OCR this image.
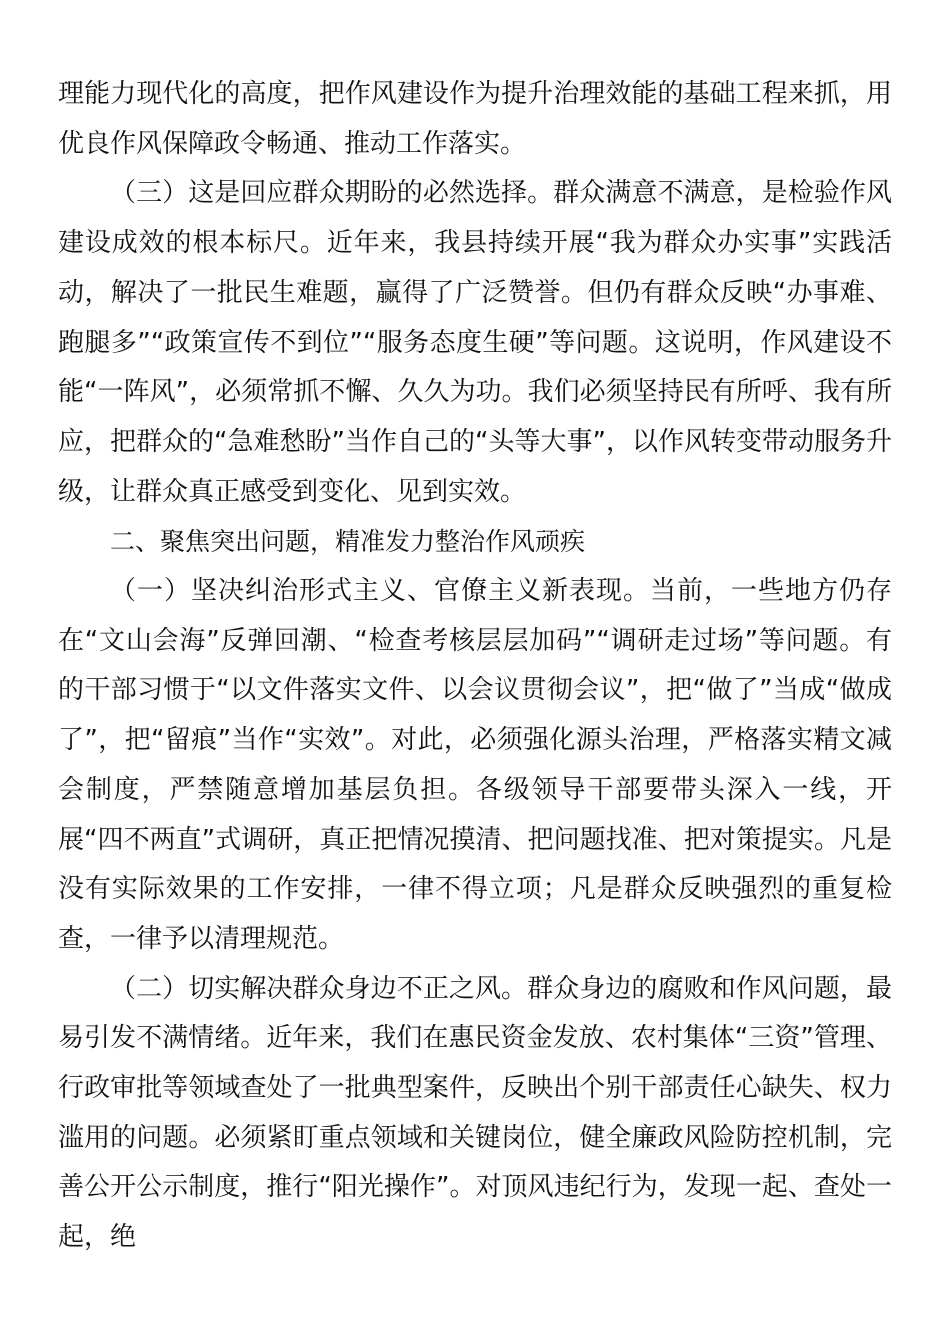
理能力现代化的高度，把作风建设作为提升治理效能的基础工程来抓，用优良作风保障政令畅通、推动工作落实。

（三）这是回应群众期盼的必然选择。群众满意不满意，是检验作风建设成效的根本标尺。近年来，我县持续开展“我为群众办实事”实践活动，解决了一批民生难题，赢得了广泛赞誉。但仍有群众反映“办事难、跑腿多”“政策宣传不到位”“服务态度生硬”等问题。这说明，作风建设不能“一阵风”，必须常抓不懈、久久为功。我们必须坚持民有所呼、我有所应，把群众的“急难愁盼”当作自己的“头等大事”，以作风转变带动服务升级，让群众真正感受到变化、见到实效。

二、聚焦突出问题，精准发力整治作风顽疾

（一）坚决纠治形式主义、官僚主义新表现。当前，一些地方仍存在“文山会海”反弹回潮、“检查考核层层加码”“调研走过场”等问题。有的干部习惯于“以文件落实文件、以会议贯彻会议”，把“做了”当成“做成了”，把“留痕”当作“实效”。对此，必须强化源头治理，严格落实精文减会制度，严禁随意增加基层负担。各级领导干部要带头深入一线，开展“四不两直”式调研，真正把情况摸清、把问题找准、把对策提实。凡是没有实际效果的工作安排，一律不得立项；凡是群众反映强烈的重复检查，一律予以清理规范。

（二）切实解决群众身边不正之风。群众身边的腐败和作风问题，最易引发不满情绪。近年来，我们在惠民资金发放、农村集体“三资”管理、行政审批等领域查处了一批典型案件，反映出个别干部责任心缺失、权力滥用的问题。必须紧盯重点领域和关键岗位，健全廉政风险防控机制，完善公开公示制度，推行“阳光操作”。对顶风违纪行为，发现一起、查处一起，绝
